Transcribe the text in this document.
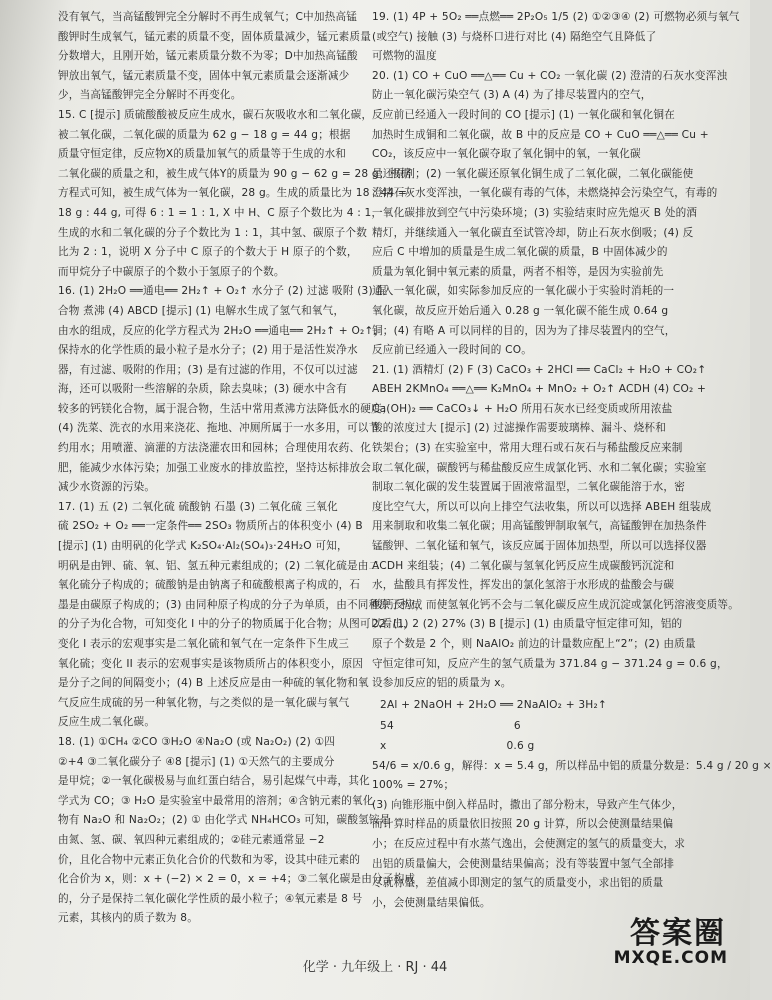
没有氧气，当高锰酸钾完全分解时不再生成氧气；C中加热高锰
酸钾时生成氧气，锰元素的质量不变，固体质量减少，锰元素质量
分数增大，且刚开始，锰元素质量分数不为零；D中加热高锰酸
钾放出氧气，锰元素质量不变，固体中氧元素质量会逐渐减少
少，当高锰酸钾完全分解时不再变化。
15. C [提示] 质硫酸酸被反应生成水，碳石灰吸收水和二氧化碳，
被二氧化碳，二氧化碳的质量为 62 g − 18 g = 44 g；根据
质量守恒定律，反应物X的质量加氧气的质量等于生成的水和
二氧化碳的质量之和，被生成气体Y的质量为 90 g − 62 g = 28 g；根据
方程式可知，被生成气体为一氧化碳，28 g。生成的质量比为 18 : 44 =
18 g : 44 g, 可得 6 : 1 = 1 : 1, X 中 H、C 原子个数比为 4 : 1，
生成的水和二氧化碳的分子个数比为 1 : 1，其中氢、碳原子个数
比为 2 : 1，说明 X 分子中 C 原子的个数大于 H 原子的个数，
而甲烷分子中碳原子的个数小于氢原子的个数。
16. (1) 2H₂O ══通电══ 2H₂↑ + O₂↑ 水分子 (2) 过滤 吸附 (3) 混
合物 煮沸 (4) ABCD [提示] (1) 电解水生成了氢气和氧气，
由水的组成，反应的化学方程式为 2H₂O ══通电══ 2H₂↑ + O₂↑，
保持水的化学性质的最小粒子是水分子；(2) 用于是活性炭净水
器，有过滤、吸附的作用；(3) 是有过滤的作用，不仅可以过滤
海，还可以吸附一些溶解的杂质，除去臭味；(3) 硬水中含有
较多的钙镁化合物，属于混合物，生活中常用煮沸方法降低水的硬度；
(4) 洗菜、洗衣的水用来浇花、拖地、冲厕所属于一水多用，可以节
约用水；用喷灌、滴灌的方法浇灌农田和园林；合理使用农药、化
肥，能减少水体污染；加强工业废水的排放监控，坚持达标排放会
减少水资源的污染。
17. (1) 五 (2) 二氧化硫 硫酸钠 石墨 (3) 二氧化硫 三氧化
硫 2SO₂ + O₂ ══一定条件══ 2SO₃ 物质所占的体积变小 (4) B
[提示] (1) 由明矾的化学式 K₂SO₄·Al₂(SO₄)₃·24H₂O 可知，
明矾是由钾、硫、氧、铝、氢五种元素组成的；(2) 二氧化硫是由二
氧化硫分子构成的；硫酸钠是由钠离子和硫酸根离子构成的，石
墨是由碳原子构成的；(3) 由同种原子构成的分子为单质，由不同种原子构成
的分子为化合物，可知变化 I 中的分子的物质属于化合物；从图可以看出，
变化 I 表示的宏观事实是二氧化硫和氧气在一定条件下生成三
氧化硫；变化 II 表示的宏观事实是该物质所占的体积变小，原因
是分子之间的间隔变小；(4) B 上述反应是由一种硫的氧化物和氧
气反应生成硫的另一种氧化物，与之类似的是一氧化碳与氧气
反应生成二氧化碳。
18. (1) ①CH₄ ②CO ③H₂O ④Na₂O (或 Na₂O₂) (2) ①四
②+4 ③二氧化碳分子 ④8 [提示] (1) ①天然气的主要成分
是甲烷；②一氧化碳极易与血红蛋白结合，易引起煤气中毒，其化
学式为 CO；③ H₂O 是实验室中最常用的溶剂；④含钠元素的氧化
物有 Na₂O 和 Na₂O₂；(2) ① 由化学式 NH₄HCO₃ 可知，碳酸氢铵是
由氮、氢、碳、氧四种元素组成的；②硅元素通常显 −2
价，且化合物中元素正负化合价的代数和为零，设其中硅元素的
化合价为 x，则：x + (−2) × 2 = 0，x = +4；③二氧化碳是由分子构成
的，分子是保持二氧化碳化学性质的最小粒子；④氧元素是 8 号
元素，其核内的质子数为 8。
19. (1) 4P + 5O₂ ══点燃══ 2P₂O₅ 1/5 (2) ①②③④ (2) 可燃物必须与氧气
(或空气) 接触 (3) 与烧杯口进行对比 (4) 隔绝空气且降低了
可燃物的温度
20. (1) CO + CuO ══△══ Cu + CO₂ 一氧化碳 (2) 澄清的石灰水变浑浊
防止一氧化碳污染空气 (3) A (4) 为了排尽装置内的空气，
反应前已经通入一段时间的 CO [提示] (1) 一氧化碳和氧化铜在
加热时生成铜和二氧化碳，故 B 中的反应是 CO + CuO ══△══ Cu +
CO₂，该反应中一氧化碳夺取了氧化铜中的氧，一氧化碳
是还原剂；(2) 一氧化碳还原氧化铜生成了二氧化碳，二氧化碳能使
澄清石灰水变浑浊，一氧化碳有毒的气体，未燃烧掉会污染空气，有毒的
一氧化碳排放到空气中污染环境；(3) 实验结束时应先熄灭 B 处的酒
精灯，并继续通入一氧化碳直至试管冷却，防止石灰水倒吸；(4) 反
应后 C 中增加的质量是生成二氧化碳的质量，B 中固体减少的
质量为氧化铜中氧元素的质量，两者不相等，是因为实验前先
通入一氧化碳，如实际参加反应的一氧化碳小于实验时消耗的一
氧化碳，故反应开始后通入 0.28 g 一氧化碳不能生成 0.64 g
铜；(4) 有略 A 可以同样的目的，因为为了排尽装置内的空气，
反应前已经通入一段时间的 CO。
21. (1) 酒精灯 (2) F (3) CaCO₃ + 2HCl ══ CaCl₂ + H₂O + CO₂↑
ABEH 2KMnO₄ ══△══ K₂MnO₄ + MnO₂ + O₂↑ ACDH (4) CO₂ +
Ca(OH)₂ ══ CaCO₃↓ + H₂O 所用石灰水已经变质或所用浓盐
酸的浓度过大 [提示] (2) 过滤操作需要玻璃棒、漏斗、烧杯和
铁架台；(3) 在实验室中，常用大理石或石灰石与稀盐酸反应来制
取二氧化碳，碳酸钙与稀盐酸反应生成氯化钙、水和二氧化碳；实验室
制取二氧化碳的发生装置属于固液常温型，二氧化碳能溶于水，密
度比空气大，所以可以向上排空气法收集，所以可以选择 ABEH 组装成
用来制取和收集二氧化碳；用高锰酸钾制取氧气，高锰酸钾在加热条件
锰酸钾、二氧化锰和氧气，该反应属于固体加热型，所以可以选择仪器
ACDH 来组装；(4) 二氧化碳与氢氧化钙反应生成碳酸钙沉淀和
水，盐酸具有挥发性，挥发出的氯化氢溶于水形成的盐酸会与碳
酸钙反应，而使氢氧化钙不会与二氧化碳反应生成沉淀或氯化钙溶液变质等。
22. (1) 2 (2) 27% (3) B [提示] (1) 由质量守恒定律可知，铝的
原子个数是 2 个，则 NaAlO₂ 前边的计量数应配上“2”；(2) 由质量
守恒定律可知，反应产生的氢气质量为 371.84 g − 371.24 g = 0.6 g，
设参加反应的铝的质量为 x。
2Al + 2NaOH + 2H₂O ══ 2NaAlO₂ + 3H₂↑
54	6
x	0.6 g
54/6 = x/0.6 g，解得：x = 5.4 g，所以样品中铝的质量分数是：5.4 g / 20 g ×
100% = 27%；
(3) 向锥形瓶中倒入样品时，撒出了部分粉末，导致产生气体少，
而计算时样品的质量依旧按照 20 g 计算，所以会使测量结果偏
小；在反应过程中有水蒸气逸出，会使测定的氢气的质量变大，求
出铝的质量偏大，会使测量结果偏高；没有等装置中氢气全部排
尽就称量，差值减小即测定的氢气的质量变小，求出铝的质量
小，会使测量结果偏低。
化学 · 九年级上 · RJ · 44
答案圈
MXQE.COM
